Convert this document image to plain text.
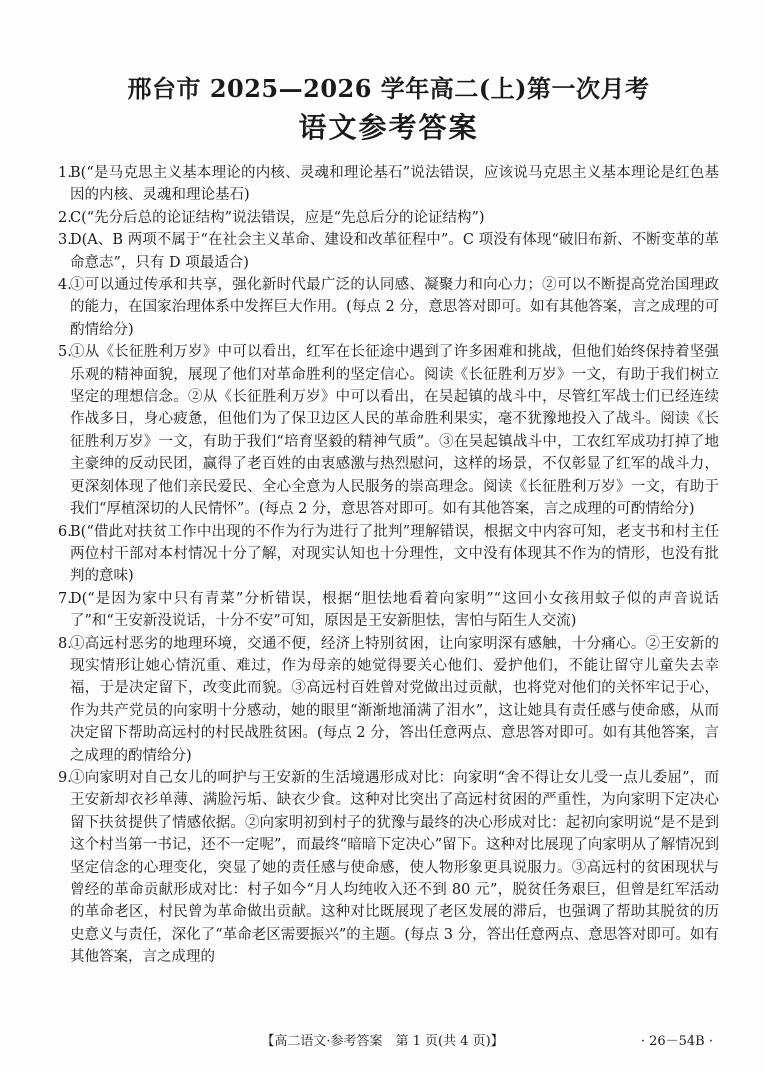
邢台市 2025—2026 学年高二(上)第一次月考
语文参考答案
1.
B(“是马克思主义基本理论的内核、灵魂和理论基石”说法错误，应该说马克思主义基本理论是红色基因的内核、灵魂和理论基石)
2.
C(“先分后总的论证结构”说法错误，应是“先总后分的论证结构”)
3.
D(A、B 两项不属于“在社会主义革命、建设和改革征程中”。C 项没有体现“破旧布新、不断变革的革命意志”，只有 D 项最适合)
4.
①可以通过传承和共享，强化新时代最广泛的认同感、凝聚力和向心力；②可以不断提高党治国理政的能力，在国家治理体系中发挥巨大作用。(每点 2 分，意思答对即可。如有其他答案，言之成理的可酌情给分)
5.
①从《长征胜利万岁》中可以看出，红军在长征途中遇到了许多困难和挑战，但他们始终保持着坚强乐观的精神面貌，展现了他们对革命胜利的坚定信心。阅读《长征胜利万岁》一文，有助于我们树立坚定的理想信念。②从《长征胜利万岁》中可以看出，在吴起镇的战斗中，尽管红军战士们已经连续作战多日，身心疲惫，但他们为了保卫边区人民的革命胜利果实，毫不犹豫地投入了战斗。阅读《长征胜利万岁》一文，有助于我们“培育坚毅的精神气质”。③在吴起镇战斗中，工农红军成功打掉了地主豪绅的反动民团，赢得了老百姓的由衷感激与热烈慰问，这样的场景，不仅彰显了红军的战斗力，更深刻体现了他们亲民爱民、全心全意为人民服务的崇高理念。阅读《长征胜利万岁》一文，有助于我们“厚植深切的人民情怀”。(每点 2 分，意思答对即可。如有其他答案，言之成理的可酌情给分)
6.
B(“借此对扶贫工作中出现的不作为行为进行了批判”理解错误，根据文中内容可知，老支书和村主任两位村干部对本村情况十分了解，对现实认知也十分理性，文中没有体现其不作为的情形，也没有批判的意味)
7.
D(“是因为家中只有青菜”分析错误，根据“胆怯地看着向家明”“这回小女孩用蚊子似的声音说话了”和“王安新没说话，十分不安”可知，原因是王安新胆怯，害怕与陌生人交流)
8.
①高远村恶劣的地理环境，交通不便，经济上特别贫困，让向家明深有感触，十分痛心。②王安新的现实情形让她心情沉重、难过，作为母亲的她觉得要关心他们、爱护他们，不能让留守儿童失去幸福，于是决定留下，改变此而貌。③高远村百姓曾对党做出过贡献，也将党对他们的关怀牢记于心，作为共产党员的向家明十分感动，她的眼里“渐渐地涌满了泪水”，这让她具有责任感与使命感，从而决定留下帮助高远村的村民战胜贫困。(每点 2 分，答出任意两点、意思答对即可。如有其他答案，言之成理的酌情给分)
9.
①向家明对自己女儿的呵护与王安新的生活境遇形成对比：向家明“舍不得让女儿受一点儿委屈”，而王安新却衣衫单薄、满脸污垢、缺衣少食。这种对比突出了高远村贫困的严重性，为向家明下定决心留下扶贫提供了情感依据。②向家明初到村子的犹豫与最终的决心形成对比：起初向家明说“是不是到这个村当第一书记，还不一定呢”，而最终“暗暗下定决心”留下。这种对比展现了向家明从了解情况到坚定信念的心理变化，突显了她的责任感与使命感，使人物形象更具说服力。③高远村的贫困现状与曾经的革命贡献形成对比：村子如今“月人均纯收入还不到 80 元”，脱贫任务艰巨，但曾是红军活动的革命老区，村民曾为革命做出贡献。这种对比既展现了老区发展的滞后，也强调了帮助其脱贫的历史意义与责任，深化了“革命老区需要振兴”的主题。(每点 3 分，答出任意两点、意思答对即可。如有其他答案，言之成理的
【高二语文·参考答案　第 1 页(共 4 页)】	· 26－54B ·
